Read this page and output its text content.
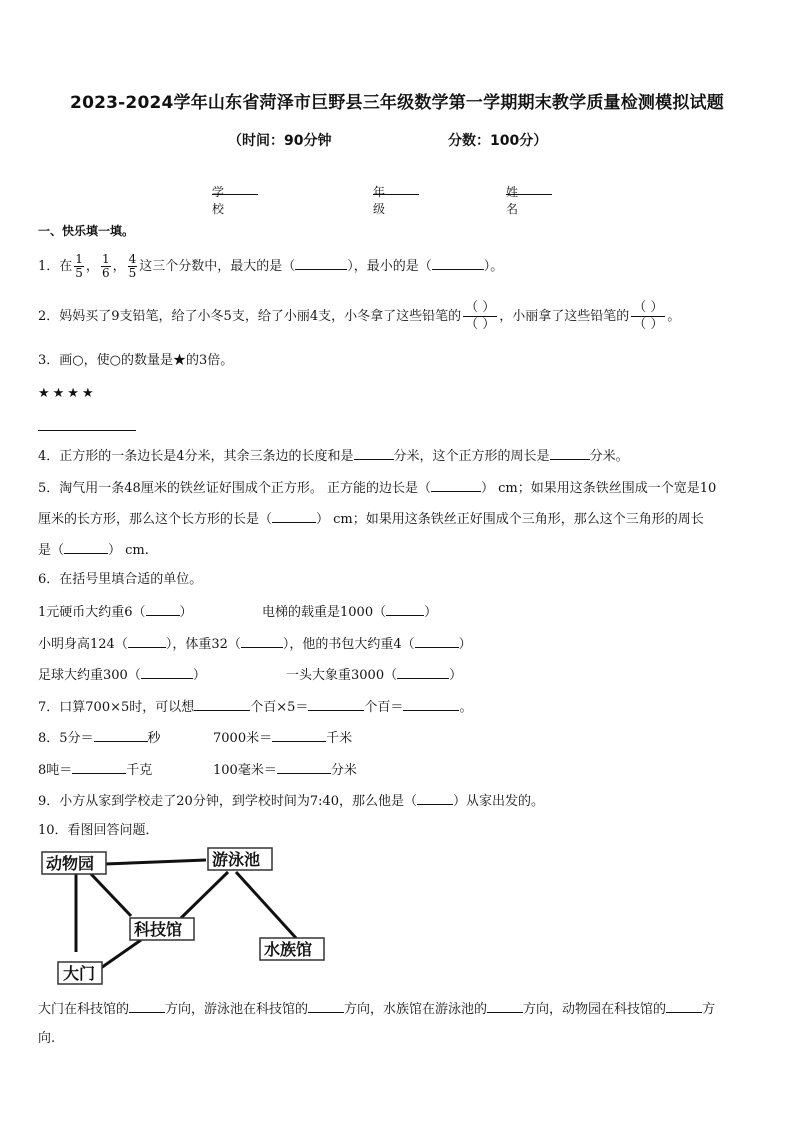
2023-2024学年山东省菏泽市巨野县三年级数学第一学期期末教学质量检测模拟试题
（时间：90分钟	分数：100分）
学校
年级
姓名
一、快乐填一填。
1．在 $\frac{1}{5}$ ， $\frac{1}{6}$ ， $\frac{4}{5}$ 这三个分数中，最大的是（	），最小的是（	）。
2．妈妈买了9支铅笔，给了小冬5支，给了小丽4支，小冬拿了这些铅笔的 $\frac{( )}{( )}$ ，小丽拿了这些铅笔的 $\frac{( )}{( )}$ 。
3．画○，使○的数量是★的3倍。
★★★★
4．正方形的一条边长是4分米，其余三条边的长度和是	分米，这个正方形的周长是	分米。
5．淘气用一条48厘米的铁丝证好围成个正方形。 正方能的边长是（	） cm；如果用这条铁丝围成一个宽是10
厘米的长方形，那么这个长方形的长是（	） cm；如果用这条铁丝正好围成个三角形，那么这个三角形的周长
是（	） cm.
6．在括号里填合适的单位。
1元硬币大约重6（	）	电梯的载重是1000（	）
小明身高124（	），体重32（	），他的书包大约重4（	）
足球大约重300（	）	一头大象重3000（	）
7．口算700×5时，可以想	个百×5＝	个百＝	。
8．5分＝	秒	7000米＝	千米
8吨＝	千克	100毫米＝	分米
9．小方从家到学校走了20分钟，到学校时间为7:40，那么他是（	）从家出发的。
10．看图回答问题．
动物园	游泳池
科技馆
水族馆
大门
大门在科技馆的	方向，游泳池在科技馆的	方向，水族馆在游泳池的	方向，动物园在科技馆的	方
向.
